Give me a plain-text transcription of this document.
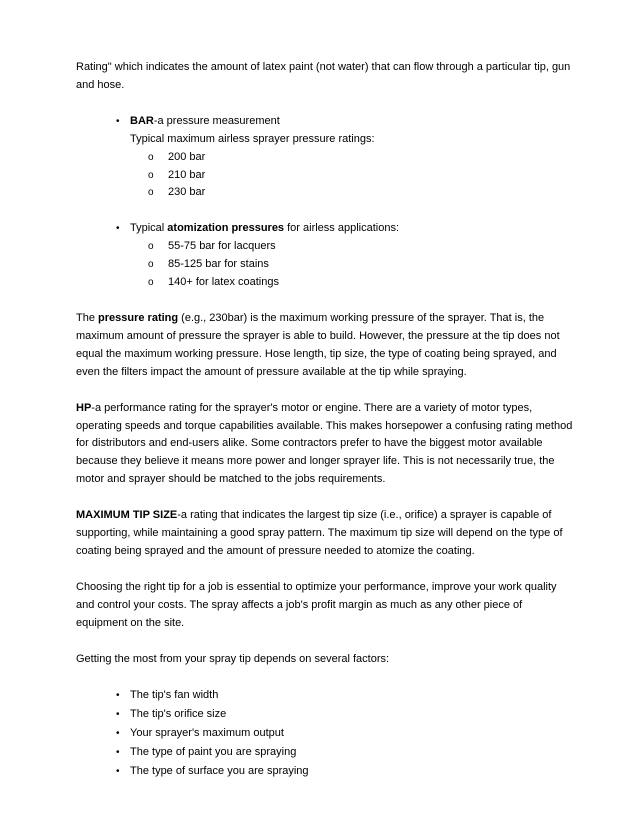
Rating" which indicates the amount of latex paint (not water) that can flow through a particular tip, gun and hose.

• BAR-a pressure measurement
Typical maximum airless sprayer pressure ratings:
o 200 bar
o 210 bar
o 230 bar
• Typical atomization pressures for airless applications:
o 55-75 bar for lacquers
o 85-125 bar for stains
o 140+ for latex coatings

The pressure rating (e.g., 230bar) is the maximum working pressure of the sprayer. That is, the maximum amount of pressure the sprayer is able to build. However, the pressure at the tip does not equal the maximum working pressure. Hose length, tip size, the type of coating being sprayed, and even the filters impact the amount of pressure available at the tip while spraying.

HP-a performance rating for the sprayer's motor or engine. There are a variety of motor types, operating speeds and torque capabilities available. This makes horsepower a confusing rating method for distributors and end-users alike. Some contractors prefer to have the biggest motor available because they believe it means more power and longer sprayer life. This is not necessarily true, the motor and sprayer should be matched to the jobs requirements.

MAXIMUM TIP SIZE-a rating that indicates the largest tip size (i.e., orifice) a sprayer is capable of supporting, while maintaining a good spray pattern. The maximum tip size will depend on the type of coating being sprayed and the amount of pressure needed to atomize the coating.

Choosing the right tip for a job is essential to optimize your performance, improve your work quality and control your costs. The spray affects a job's profit margin as much as any other piece of equipment on the site.

Getting the most from your spray tip depends on several factors:

• The tip's fan width
• The tip's orifice size
• Your sprayer's maximum output
• The type of paint you are spraying
• The type of surface you are spraying
